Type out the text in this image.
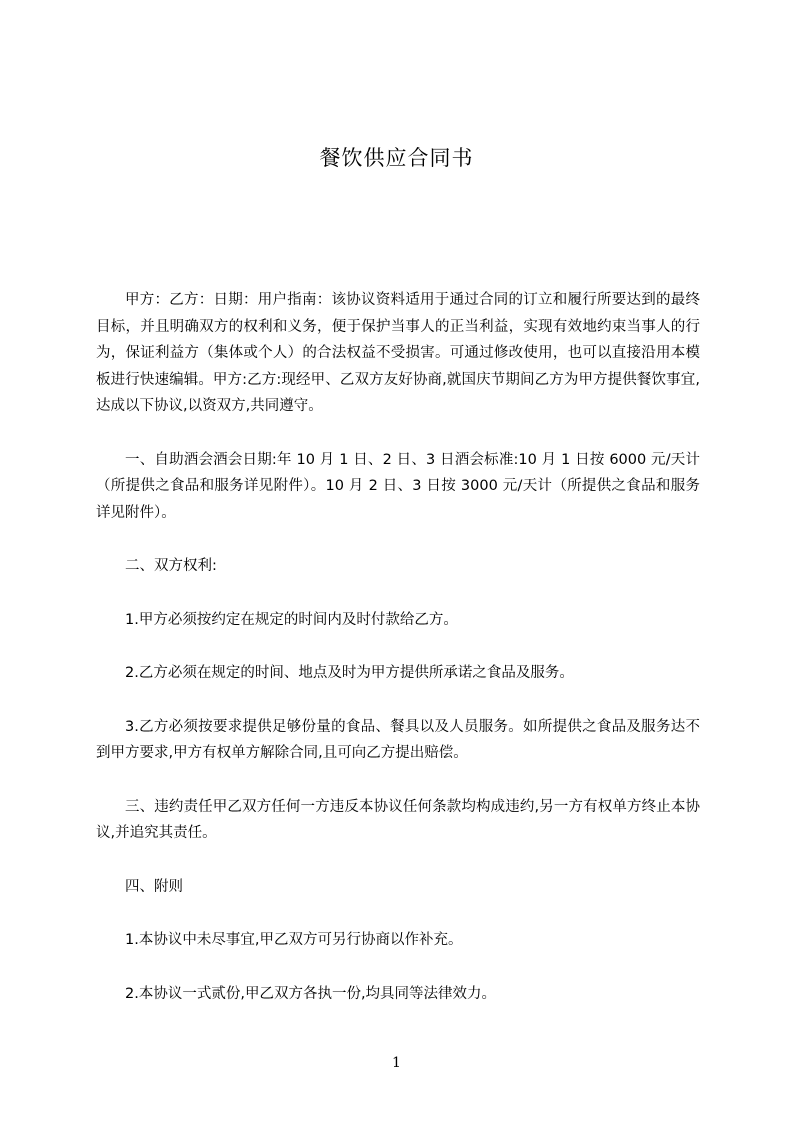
餐饮供应合同书

甲方：乙方：日期：用户指南：该协议资料适用于通过合同的订立和履行所要达到的最终目标，并且明确双方的权利和义务，便于保护当事人的正当利益，实现有效地约束当事人的行为，保证利益方（集体或个人）的合法权益不受损害。可通过修改使用，也可以直接沿用本模板进行快速编辑。甲方:乙方:现经甲、乙双方友好协商,就国庆节期间乙方为甲方提供餐饮事宜,达成以下协议,以资双方,共同遵守。

一、自助酒会酒会日期:年 10 月 1 日、2 日、3 日酒会标准:10 月 1 日按 6000 元/天计（所提供之食品和服务详见附件）。10 月 2 日、3 日按 3000 元/天计（所提供之食品和服务详见附件）。

二、双方权利:

1.甲方必须按约定在规定的时间内及时付款给乙方。

2.乙方必须在规定的时间、地点及时为甲方提供所承诺之食品及服务。

3.乙方必须按要求提供足够份量的食品、餐具以及人员服务。如所提供之食品及服务达不到甲方要求,甲方有权单方解除合同,且可向乙方提出赔偿。

三、违约责任甲乙双方任何一方违反本协议任何条款均构成违约,另一方有权单方终止本协议,并追究其责任。

四、附则

1.本协议中未尽事宜,甲乙双方可另行协商以作补充。

2.本协议一式贰份,甲乙双方各执一份,均具同等法律效力。

1
